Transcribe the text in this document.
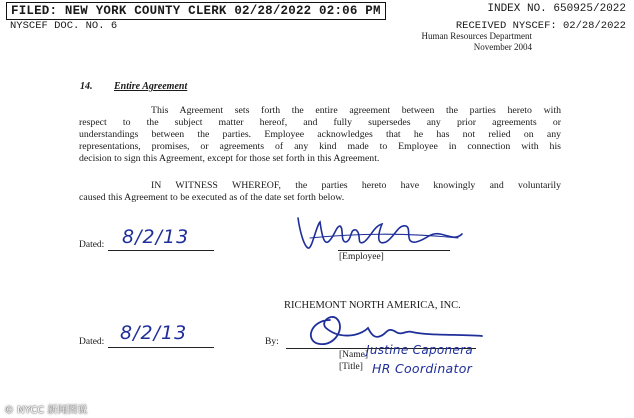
FILED: NEW YORK COUNTY CLERK 02/28/2022 02:06 PM	INDEX NO. 650925/2022
NYSCEF DOC. NO. 6	RECEIVED NYSCEF: 02/28/2022
Human Resources Department
November 2004
14. Entire Agreement
This Agreement sets forth the entire agreement between the parties hereto with
respect to the subject matter hereof, and fully supersedes any prior agreements or
understandings between the parties. Employee acknowledges that he has not relied on any
representations, promises, or agreements of any kind made to Employee in connection with his
decision to sign this Agreement, except for those set forth in this Agreement.
IN WITNESS WHEREOF, the parties hereto have knowingly and voluntarily
caused this Agreement to be executed as of the date set forth below.
Dated: 8/2/13
[Employee]
RICHEMONT NORTH AMERICA, INC.
Dated: 8/2/13	By:
[Name]
Justine Caponera
[Title] HR Coordinator
© NYCC 新闻图说
